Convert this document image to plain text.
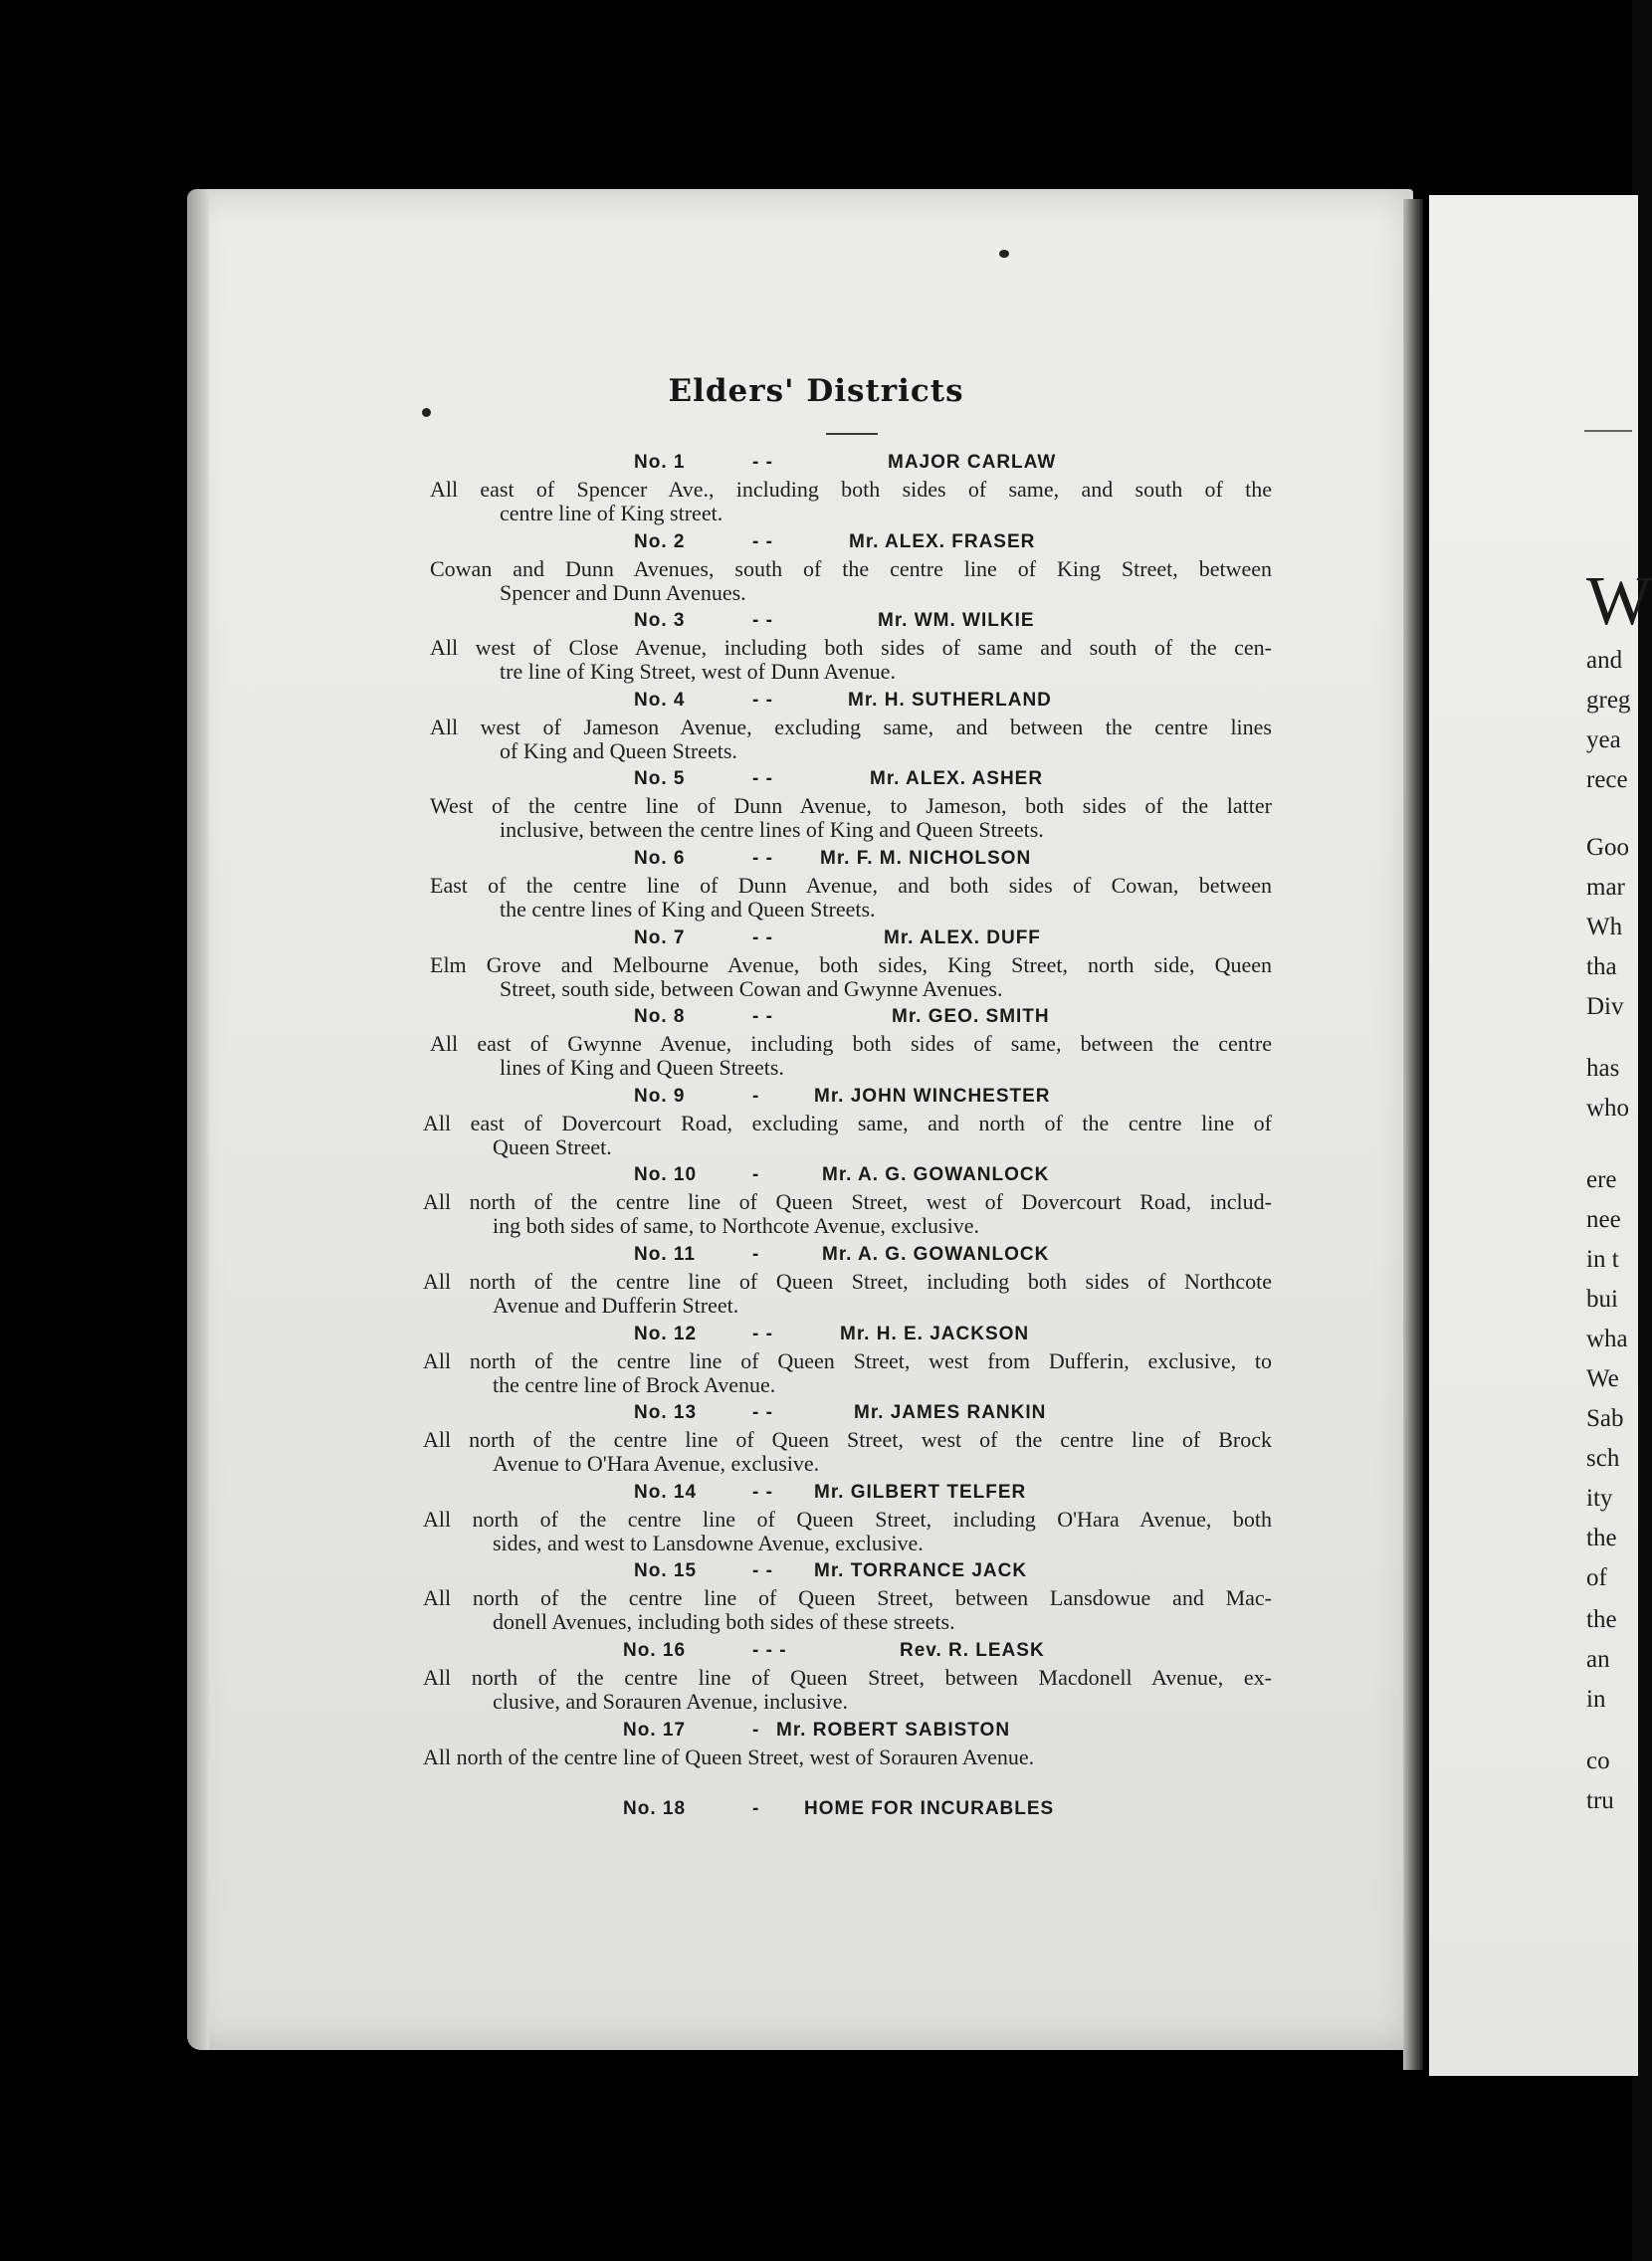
W
and
greg
yea
rece
Goo
mar
Wh
tha
Div
has
who
ere
nee
in t
bui
wha
We
Sab
sch
ity
the
of
the
an
in
co
tru
Elders' Districts
No. 1	- -	MAJOR CARLAW
All east of Spencer Ave., including both sides of same, and south of the
centre line of King street.
No. 2	- -	Mr. ALEX. FRASER
Cowan and Dunn Avenues, south of the centre line of King Street, between
Spencer and Dunn Avenues.
No. 3	- -	Mr. WM. WILKIE
All west of Close Avenue, including both sides of same and south of the cen-
tre line of King Street, west of Dunn Avenue.
No. 4	- -	Mr. H. SUTHERLAND
All west of Jameson Avenue, excluding same, and between the centre lines
of King and Queen Streets.
No. 5	- -	Mr. ALEX. ASHER
West of the centre line of Dunn Avenue, to Jameson, both sides of the latter
inclusive, between the centre lines of King and Queen Streets.
No. 6	- - Mr. F. M. NICHOLSON
East of the centre line of Dunn Avenue, and both sides of Cowan, between
the centre lines of King and Queen Streets.
No. 7	- -	Mr. ALEX. DUFF
Elm Grove and Melbourne Avenue, both sides, King Street, north side, Queen
Street, south side, between Cowan and Gwynne Avenues.
No. 8	- -	Mr. GEO. SMITH
All east of Gwynne Avenue, including both sides of same, between the centre
lines of King and Queen Streets.
No. 9	-	Mr. JOHN WINCHESTER
All east of Dovercourt Road, excluding same, and north of the centre line of
Queen Street.
No. 10	-	Mr. A. G. GOWANLOCK
All north of the centre line of Queen Street, west of Dovercourt Road, includ-
ing both sides of same, to Northcote Avenue, exclusive.
No. 11	-	Mr. A. G. GOWANLOCK
All north of the centre line of Queen Street, including both sides of Northcote
Avenue and Dufferin Street.
No. 12	- -	Mr. H. E. JACKSON
All north of the centre line of Queen Street, west from Dufferin, exclusive, to
the centre line of Brock Avenue.
No. 13	- -	Mr. JAMES RANKIN
All north of the centre line of Queen Street, west of the centre line of Brock
Avenue to O'Hara Avenue, exclusive.
No. 14	- - Mr. GILBERT TELFER
All north of the centre line of Queen Street, including O'Hara Avenue, both
sides, and west to Lansdowne Avenue, exclusive.
No. 15	- - Mr. TORRANCE JACK
All north of the centre line of Queen Street, between Lansdowue and Mac-
donell Avenues, including both sides of these streets.
No. 16	- - -	Rev. R. LEASK
All north of the centre line of Queen Street, between Macdonell Avenue, ex-
clusive, and Sorauren Avenue, inclusive.
No. 17	- Mr. ROBERT SABISTON
All north of the centre line of Queen Street, west of Sorauren Avenue.
No. 18	- HOME FOR INCURABLES
